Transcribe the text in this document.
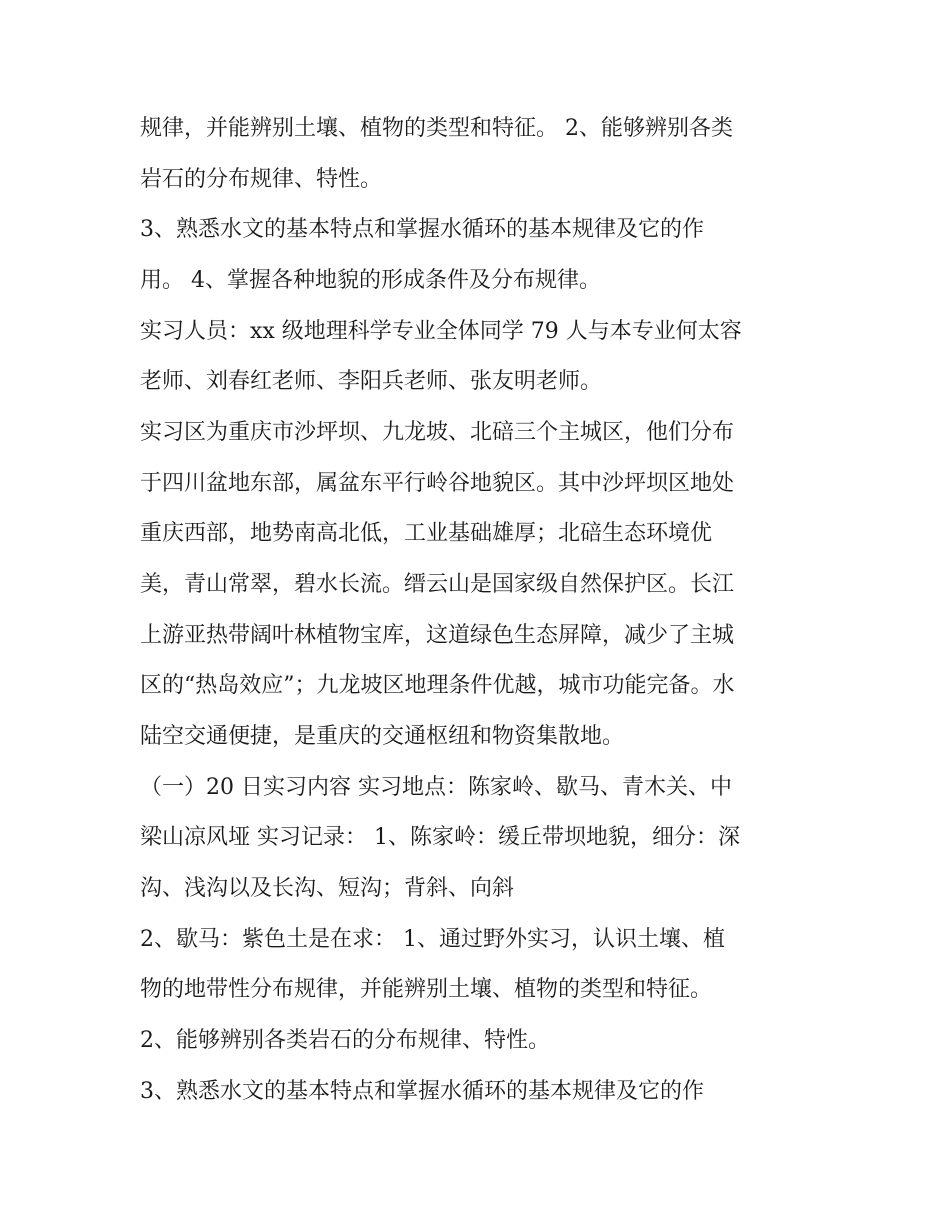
规律，并能辨别土壤、植物的类型和特征。 2、能够辨别各类
岩石的分布规律、特性。
3、熟悉水文的基本特点和掌握水循环的基本规律及它的作
用。 4、掌握各种地貌的形成条件及分布规律。
实习人员：xx 级地理科学专业全体同学 79 人与本专业何太容
老师、刘春红老师、李阳兵老师、张友明老师。
实习区为重庆市沙坪坝、九龙坡、北碚三个主城区，他们分布
于四川盆地东部，属盆东平行岭谷地貌区。其中沙坪坝区地处
重庆西部，地势南高北低，工业基础雄厚；北碚生态环境优
美，青山常翠，碧水长流。缙云山是国家级自然保护区。长江
上游亚热带阔叶林植物宝库，这道绿色生态屏障，减少了主城
区的“热岛效应”；九龙坡区地理条件优越，城市功能完备。水
陆空交通便捷，是重庆的交通枢纽和物资集散地。
（一）20 日实习内容 实习地点：陈家岭、歇马、青木关、中
梁山凉风垭 实习记录： 1、陈家岭：缓丘带坝地貌，细分：深
沟、浅沟以及长沟、短沟；背斜、向斜
2、歇马：紫色土是在求： 1、通过野外实习，认识土壤、植
物的地带性分布规律，并能辨别土壤、植物的类型和特征。
2、能够辨别各类岩石的分布规律、特性。
3、熟悉水文的基本特点和掌握水循环的基本规律及它的作
